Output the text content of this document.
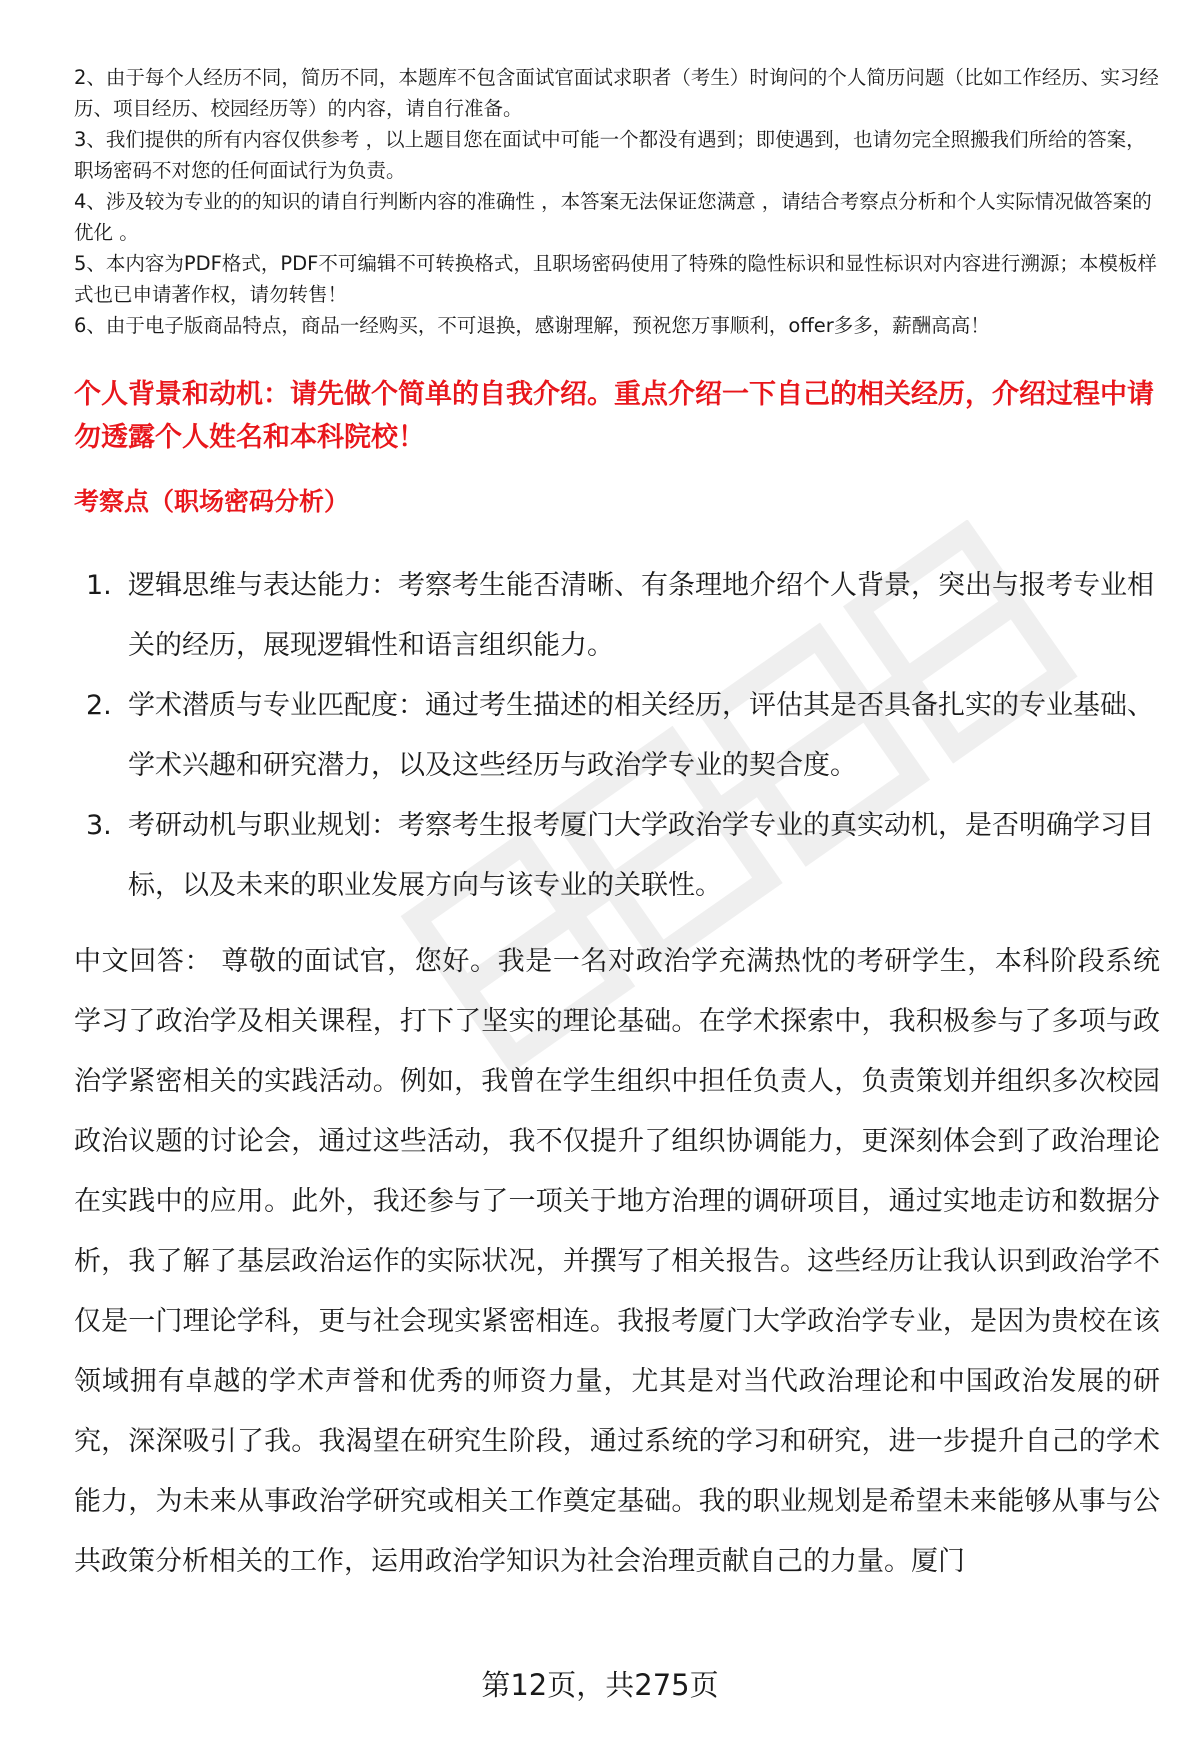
2、由于每个人经历不同，简历不同，本题库不包含面试官面试求职者（考生）时询问的个人简历问题（比如工作经历、实习经历、项目经历、校园经历等）的内容，请自行准备。

3、我们提供的所有内容仅供参考 ，以上题目您在面试中可能一个都没有遇到；即使遇到，也请勿完全照搬我们所给的答案，职场密码不对您的任何面试行为负责。

4、涉及较为专业的的知识的请自行判断内容的准确性 ，本答案无法保证您满意 ，请结合考察点分析和个人实际情况做答案的优化 。

5、本内容为PDF格式，PDF不可编辑不可转换格式，且职场密码使用了特殊的隐性标识和显性标识对内容进行溯源；本模板样式也已申请著作权，请勿转售！

6、由于电子版商品特点，商品一经购买，不可退换，感谢理解，预祝您万事顺利，offer多多，薪酬高高！

个人背景和动机：请先做个简单的自我介绍。重点介绍一下自己的相关经历，介绍过程中请勿透露个人姓名和本科院校！

考察点（职场密码分析）

1. 逻辑思维与表达能力：考察考生能否清晰、有条理地介绍个人背景，突出与报考专业相关的经历，展现逻辑性和语言组织能力。
2. 学术潜质与专业匹配度：通过考生描述的相关经历，评估其是否具备扎实的专业基础、学术兴趣和研究潜力，以及这些经历与政治学专业的契合度。
3. 考研动机与职业规划：考察考生报考厦门大学政治学专业的真实动机，是否明确学习目标，以及未来的职业发展方向与该专业的关联性。

中文回答： 尊敬的面试官，您好。我是一名对政治学充满热忱的考研学生，本科阶段系统学习了政治学及相关课程，打下了坚实的理论基础。在学术探索中，我积极参与了多项与政治学紧密相关的实践活动。例如，我曾在学生组织中担任负责人，负责策划并组织多次校园政治议题的讨论会，通过这些活动，我不仅提升了组织协调能力，更深刻体会到了政治理论在实践中的应用。此外，我还参与了一项关于地方治理的调研项目，通过实地走访和数据分析，我了解了基层政治运作的实际状况，并撰写了相关报告。这些经历让我认识到政治学不仅是一门理论学科，更与社会现实紧密相连。我报考厦门大学政治学专业，是因为贵校在该领域拥有卓越的学术声誉和优秀的师资力量，尤其是对当代政治理论和中国政治发展的研究，深深吸引了我。我渴望在研究生阶段，通过系统的学习和研究，进一步提升自己的学术能力，为未来从事政治学研究或相关工作奠定基础。我的职业规划是希望未来能够从事与公共政策分析相关的工作，运用政治学知识为社会治理贡献自己的力量。厦门

第12页，共275页
